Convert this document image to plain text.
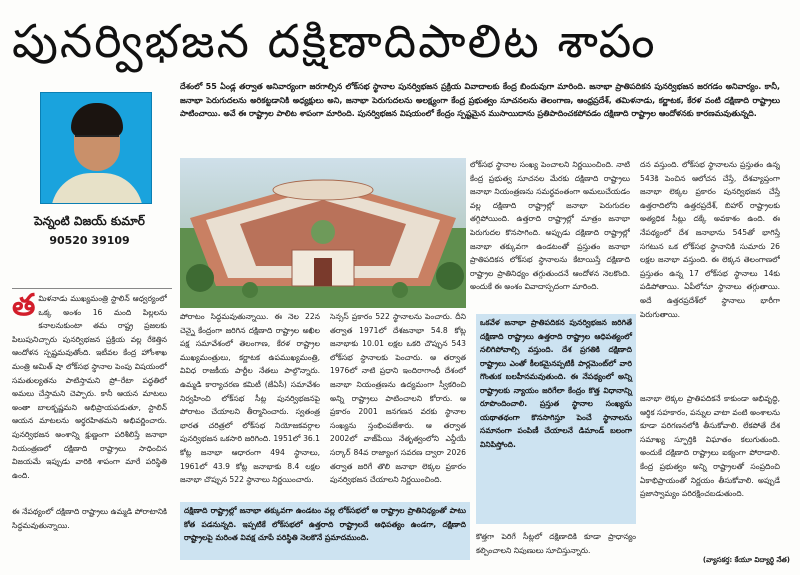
పునర్విభజన దక్షిణాదిపాలిట శాపం
దేశంలో 55 ఏండ్ల తర్వాత అనివార్యంగా జరగాల్సిన లోక్‌సభ స్థానాల పునర్విభజన ప్రక్రియ వివాదాలకు కేంద్ర బిందువుగా మారింది. జనాభా ప్రాతిపదికన పునర్విభజన జరగడం అనివార్యం. కానీ, జనాభా పెరుగుదలను అరికట్టడానికి అధ్యక్షులు అని, జనాభా పెరుగుదలను అలక్ష్యంగా కేంద్ర ప్రభుత్వం సూచనలను తెలంగాణ, ఆంధ్రప్రదేశ్, తమిళనాడు, కర్ణాటక, కేరళ వంటి దక్షిణాది రాష్ట్రాలు పాటించాయి. అవే ఈ రాష్ట్రాల పాలిట శాపంగా మారింది. పునర్విభజన విషయంలో కేంద్రం స్పష్టమైన ముసాయిదాను ప్రతిపాదించకపోవడం దక్షిణాది రాష్ట్రాల ఆందోళనకు కారణమవుతున్నది.
పెన్నంటి విజయ్ కుమార్
90520 39109
త మిళనాడు ముఖ్యమంత్రి స్టాలిన్ ఆధ్వర్యంలో ఒక్క అంశం 16 మంది పిల్లలను కనాలనుకుంటా తమ రాష్ట్ర ప్రజలకు పిలుపునిచ్చారు పునర్విభజన ప్రక్రియ వల్ల రేకెత్తిన ఆందోళన స్పష్టమవుతోంది. ఇటీవల కేంద్ర హోంశాఖ మంత్రి అమిత్ షా లోక్‌సభ స్థానాల పెంపు విషయంలో సమతుల్యతను పాటిస్తామని ప్రో–రేటా పద్ధతిలో అమలు చేస్తామని చెప్పారు. కానీ ఆయన మాటలు అంతా బాలకృష్ణమని అభిప్రాయపడుతూ, స్టాలిన్ ఆయన మాటలను అర్థరహితమని అభివర్ణించారు. పునర్విభజన అంశాన్ని క్షుణ్ణంగా పరిశీలిస్తే జనాభా నియంత్రణలో దక్షిణాది రాష్ట్రాలు సాధించిన విజయమే ఇప్పుడు వారికి శాపంగా మారే పరిస్థితి ఉంది.
ఈ నేపథ్యంలో దక్షిణాది రాష్ట్రాలు ఉమ్మడి పోరాటానికి సిద్ధమవుతున్నాయి.
పోరాటం సిద్ధమవుతున్నాయి. ఈ నెల 22న చెన్నై కేంద్రంగా జరిగిన దక్షిణాది రాష్ట్రాల అఖిల పక్ష సమావేశంలో తెలంగాణ, కేరళ రాష్ట్రాల ముఖ్యమంత్రులు, కర్ణాటక ఉపముఖ్యమంత్రి, వివిధ రాజకీయ పార్టీల నేతలు పాల్గొన్నారు. ఉమ్మడి కార్యాచరణ కమిటీ (జేఏసీ) సమావేశం నిర్వహించి లోక్‌సభ సీట్ల పునర్విభజనపై పోరాటం చేయాలని తీర్మానించారు. స్వతంత్ర భారత చరిత్రలో లోక్‌సభ నియోజకవర్గాల పునర్విభజన ఒకసారి జరిగింది. 1951లో 36.1 కోట్ల జనాభా ఆధారంగా 494 స్థానాలు, 1961లో 43.9 కోట్ల జనాభాకు 8.4 లక్షల జనాభా చొప్పున 522 స్థానాలు నిర్ణయించారు.
సెన్సస్ ప్రకారం 522 స్థానాలను పెంచారు. దీని తర్వాత 1971లో దేశజనాభా 54.8 కోట్ల జనాభాకు 10.01 లక్షల ఒకరి చొప్పున 543 లోక్‌సభ స్థానాలకు పెంచారు. ఆ తర్వాత 1976లో నాటి ప్రధాని ఇందిరాగాంధీ దేశంలో జనాభా నియంత్రణను ఉద్యమంగా స్వీకరించి అన్ని రాష్ట్రాలు పాటించాలని కోరారు. ఆ ప్రకారం 2001 జనగణన వరకు స్థానాల సంఖ్యను స్తంభింపజేశారు. ఆ తర్వాత 2002లో వాజ్‌పేయి నేతృత్వంలోని ఎన్డీయే సర్కార్ 84వ రాజ్యాంగ సవరణ ద్వారా 2026 తర్వాత జరిగే తొలి జనాభా లెక్కల ప్రకారం పునర్విభజన చేయాలని నిర్ణయించింది.
లోక్‌సభ స్థానాల సంఖ్య పెంచాలని నిర్ణయించింది. నాటి కేంద్ర ప్రభుత్వ సూచనల మేరకు దక్షిణాది రాష్ట్రాలు జనాభా నియంత్రణను సమర్థవంతంగా అమలుచేయడం వల్ల దక్షిణాది రాష్ట్రాల్లో జనాభా పెరుగుదల తగ్గిపోయింది. ఉత్తరాది రాష్ట్రాల్లో మాత్రం జనాభా పెరుగుదల కొనసాగింది. అప్పుడు దక్షిణాది రాష్ట్రాల్లో జనాభా తక్కువగా ఉండటంతో ప్రస్తుతం జనాభా ప్రాతిపదికన లోక్‌సభ స్థానాలను కేటాయిస్తే దక్షిణాది రాష్ట్రాల ప్రాతినిధ్యం తగ్గుతుందనే ఆందోళన నెలకొంది. అందుకే ఈ అంశం వివాదాస్పదంగా మారింది.
దన వస్తుంది. లోక్‌సభ స్థానాలను ప్రస్తుతం ఉన్న 543కి పెంచిన ఆలోచన చేస్తే, దేశవ్యాప్తంగా జనాభా లెక్కల ప్రకారం పునర్విభజన చేస్తే ఉత్తరాదిలోని ఉత్తరప్రదేశ్, బిహార్ రాష్ట్రాలకు అత్యధిక సీట్లు దక్కే అవకాశం ఉంది. ఈ నేపథ్యంలో దేశ జనాభాను 545తో భాగిస్తే సగటున ఒక లోక్‌సభ స్థానానికి సుమారు 26 లక్షల జనాభా వస్తుంది. ఈ లెక్కన తెలంగాణలో ప్రస్తుతం ఉన్న 17 లోక్‌సభ స్థానాలు 14కు పడిపోతాయి. ఏపీలోనూ స్థానాలు తగ్గుతాయి. అదే ఉత్తరప్రదేశ్‌లో స్థానాలు భారీగా పెరుగుతాయి.
దక్షిణాది రాష్ట్రాల్లో జనాభా తక్కువగా ఉండటం వల్ల లోక్‌సభలో ఆ రాష్ట్రాల ప్రాతినిధ్యంతో పాటు కోత పడనున్నది. ఇప్పటికే లోక్‌సభలో ఉత్తరాది రాష్ట్రాలదే ఆధిపత్యం ఉండగా, దక్షిణాది రాష్ట్రాలపై మరింత వివక్ష చూపే పరిస్థితి నెలకొనే ప్రమాదముంది.
ఒకవేళ జనాభా ప్రాతిపదికన పునర్విభజన జరిగితే దక్షిణాది రాష్ట్రాలు ఉత్తరాది రాష్ట్రాల ఆధిపత్యంలో నలిగిపోవాల్సి వస్తుంది. దేశ ప్రగతికి దక్షిణాది రాష్ట్రాలు ఎంతో కీలకమైనప్పటికీ పార్లమెంట్‌లో వారి గొంతుక బలహీనమవుతుంది. ఈ నేపథ్యంలో అన్ని రాష్ట్రాలకు న్యాయం జరిగేలా కేంద్రం కొత్త విధానాన్ని రూపొందించాలి. ప్రస్తుత స్థానాల సంఖ్యను యథాతథంగా కొనసాగిస్తూ పెంచే స్థానాలను సమానంగా పంపిణీ చేయాలనే డిమాండ్ బలంగా వినిపిస్తోంది.
కొత్తగా పెరిగే సీట్లలో దక్షిణాదికి కూడా ప్రాధాన్యం కల్పించాలని నిపుణులు సూచిస్తున్నారు.
జనాభా లెక్కల ప్రాతిపదికనే కాకుండా అభివృద్ధి, ఆర్థిక సహకారం, పన్నుల వాటా వంటి అంశాలను కూడా పరిగణనలోకి తీసుకోవాలి. లేకపోతే దేశ సమాఖ్య స్ఫూర్తికి విఘాతం కలుగుతుంది. అందుకే దక్షిణాది రాష్ట్రాలు ఐక్యంగా పోరాడాలి. కేంద్ర ప్రభుత్వం అన్ని రాష్ట్రాలతో సంప్రదించి ఏకాభిప్రాయంతో నిర్ణయం తీసుకోవాలి. అప్పుడే ప్రజాస్వామ్యం పరిరక్షించబడుతుంది.
(వ్యాసకర్త: కేయూ విద్యార్థి నేత)
